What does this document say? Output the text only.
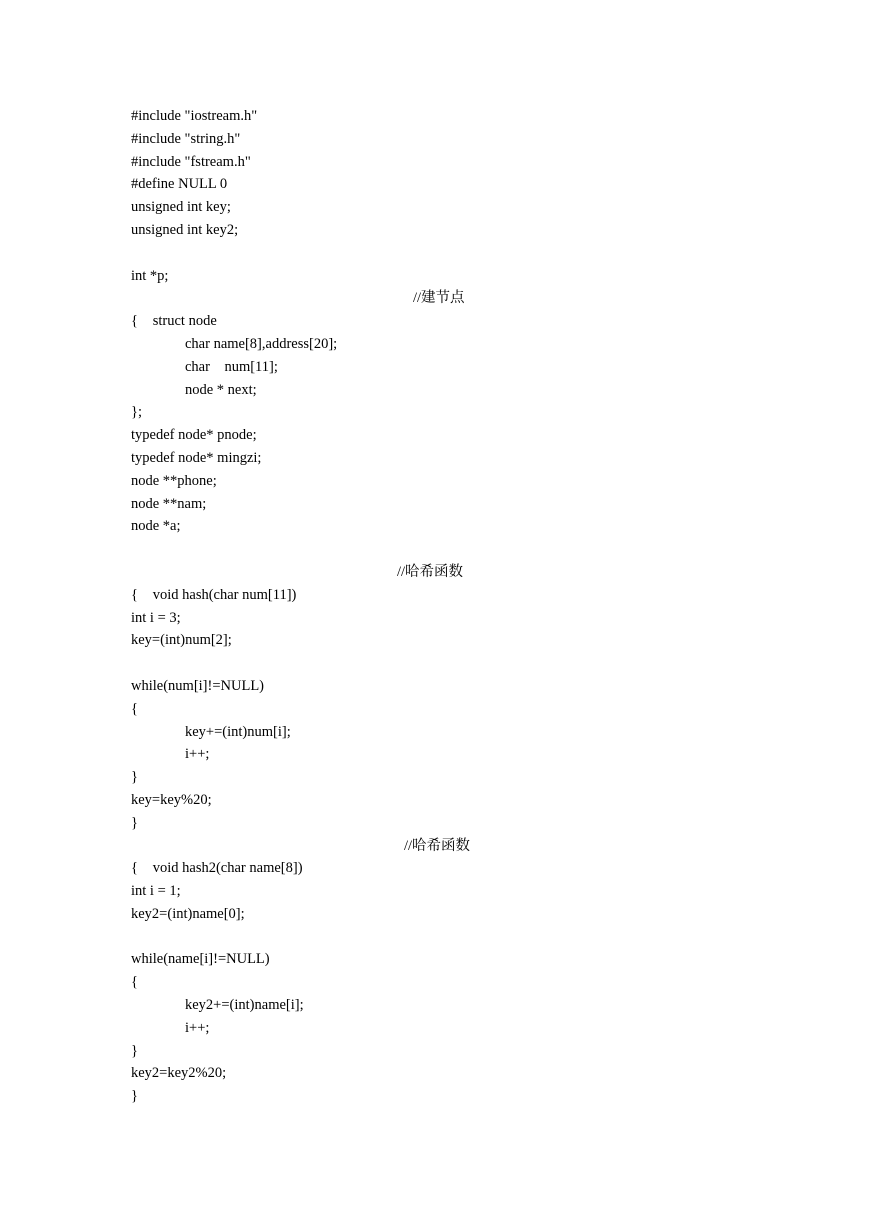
#include "iostream.h"
#include "string.h"
#include "fstream.h"
#define NULL 0
unsigned int key;
unsigned int key2;
int *p;

struct node

//建节点

{
char name[8],address[20];
char    num[11];
node * next;
};
typedef node* pnode;
typedef node* mingzi;
node **phone;
node **nam;
node *a;

void hash(char num[11])

//哈希函数

{
int i = 3;
key=(int)num[2];
while(num[i]!=NULL)
{
key+=(int)num[i];
i++;
}
key=key%20;
}

void hash2(char name[8])

//哈希函数

{
int i = 1;
key2=(int)name[0];
while(name[i]!=NULL)
{
key2+=(int)name[i];
i++;
}
key2=key2%20;
}
